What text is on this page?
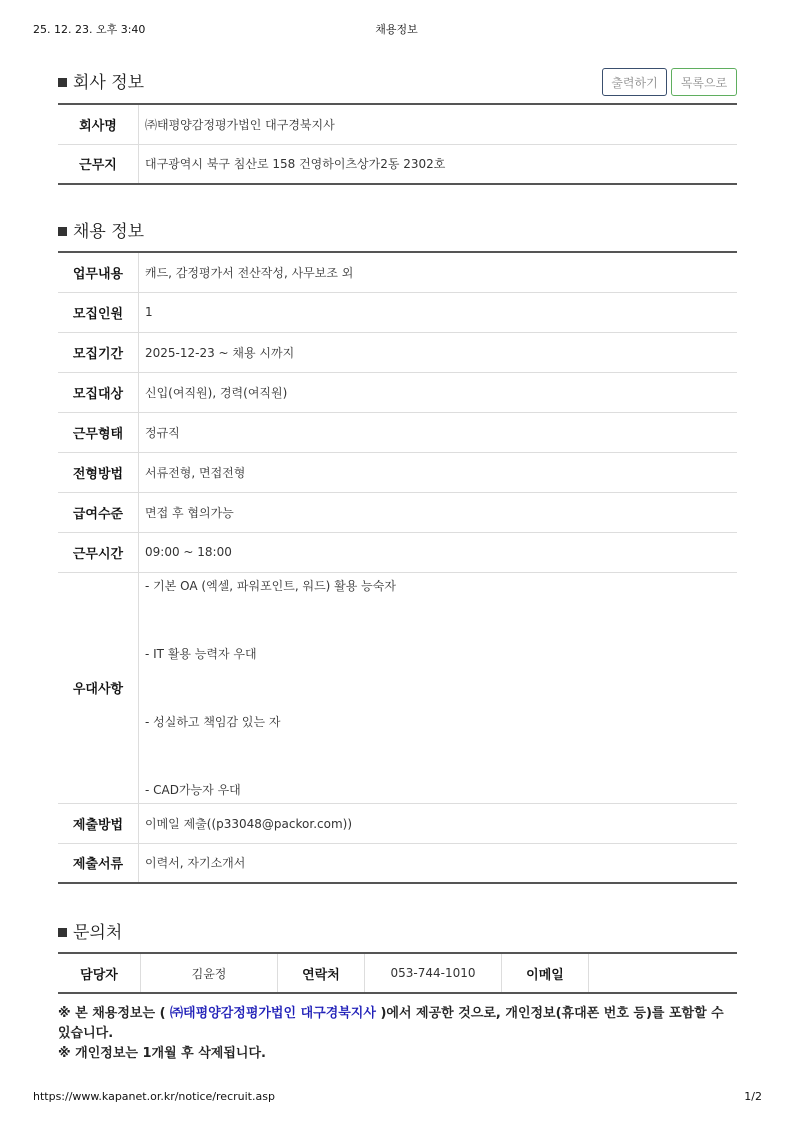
25. 12. 23. 오후 3:40	채용정보
회사 정보	출력하기	목록으로
회사명	㈜태평양감정평가법인 대구경북지사
근무지	대구광역시 북구 침산로 158 건영하이츠상가2동 2302호
채용 정보
업무내용	캐드, 감정평가서 전산작성, 사무보조 외
모집인원	1
모집기간	2025-12-23 ~ 채용 시까지
모집대상	신입(여직원), 경력(여직원)
근무형태	정규직
전형방법	서류전형, 면접전형
급여수준	면접 후 협의가능
근무시간	09:00 ~ 18:00
우대사항	- 기본 OA (엑셀, 파워포인트, 워드) 활용 능숙자
- IT 활용 능력자 우대
- 성실하고 책임감 있는 자
- CAD가능자 우대

제출방법	이메일 제출((p33048@packor.com))
제출서류	이력서, 자기소개서
문의처
담당자	김윤정	연락처	053-744-1010	이메일	
※ 본 채용정보는 ( ㈜태평양감정평가법인 대구경북지사 )에서 제공한 것으로, 개인정보(휴대폰 번호 등)를 포함할 수 있습니다.
※ 개인정보는 1개월 후 삭제됩니다.
https://www.kapanet.or.kr/notice/recruit.asp	1/2
